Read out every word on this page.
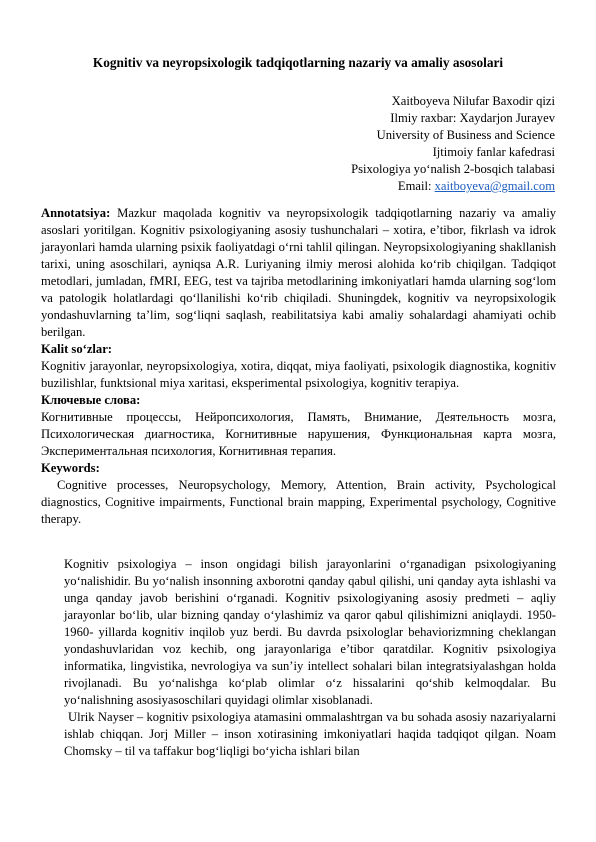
Kognitiv va neyropsixologik tadqiqotlarning nazariy va amaliy asosolari
Xaitboyeva Nilufar Baxodir qizi
Ilmiy raxbar: Xaydarjon Jurayev
University of Business and Science
Ijtimoiy fanlar kafedrasi
Psixologiya yo‘nalish 2-bosqich talabasi
Email: xaitboyeva@gmail.com

Annotatsiya: Mazkur maqolada kognitiv va neyropsixologik tadqiqotlarning nazariy va amaliy asoslari yoritilgan. Kognitiv psixologiyaning asosiy tushunchalari – xotira, e’tibor, fikrlash va idrok jarayonlari hamda ularning psixik faoliyatdagi o‘rni tahlil qilingan. Neyropsixologiyaning shakllanish tarixi, uning asoschilari, ayniqsa A.R. Luriyaning ilmiy merosi alohida ko‘rib chiqilgan. Tadqiqot metodlari, jumladan, fMRI, EEG, test va tajriba metodlarining imkoniyatlari hamda ularning sog‘lom va patologik holatlardagi qo‘llanilishi ko‘rib chiqiladi. Shuningdek, kognitiv va neyropsixologik yondashuvlarning ta’lim, sog‘liqni saqlash, reabilitatsiya kabi amaliy sohalardagi ahamiyati ochib berilgan.

Kalit so‘zlar:

Kognitiv jarayonlar, neyropsixologiya, xotira, diqqat, miya faoliyati, psixologik diagnostika, kognitiv buzilishlar, funktsional miya xaritasi, eksperimental psixologiya, kognitiv terapiya.

Ключевые слова:

Когнитивные процессы, Нейропсихология, Память, Внимание, Деятельность мозга, Психологическая диагностика, Когнитивные нарушения, Функциональная карта мозга, Экспериментальная психология, Когнитивная терапия.

Keywords:

Cognitive processes, Neuropsychology, Memory, Attention, Brain activity, Psychological diagnostics, Cognitive impairments, Functional brain mapping, Experimental psychology, Cognitive therapy.

Kognitiv psixologiya – inson ongidagi bilish jarayonlarini o‘rganadigan psixologiyaning yo‘nalishidir. Bu yo‘nalish insonning axborotni qanday qabul qilishi, uni qanday ayta ishlashi va unga qanday javob berishini o‘rganadi. Kognitiv psixologiyaning asosiy predmeti – aqliy jarayonlar bo‘lib, ular bizning qanday o‘ylashimiz va qaror qabul qilishimizni aniqlaydi. 1950-1960- yillarda kognitiv inqilob yuz berdi. Bu davrda psixologlar behaviorizmning cheklangan yondashuvlaridan voz kechib, ong jarayonlariga e’tibor qaratdilar. Kognitiv psixologiya informatika, lingvistika, nevrologiya va sun’iy intellect sohalari bilan integratsiyalashgan holda rivojlanadi. Bu yo‘nalishga ko‘plab olimlar o‘z hissalarini qo‘shib kelmoqdalar. Bu yo‘nalishning asosiyasoschilari quyidagi olimlar xisoblanadi.

Ulrik Nayser – kognitiv psixologiya atamasini ommalashtrgan va bu sohada asosiy nazariyalarni ishlab chiqqan. Jorj Miller – inson xotirasining imkoniyatlari haqida tadqiqot qilgan. Noam Chomsky – til va taffakur bog‘liqligi bo‘yicha ishlari bilan
